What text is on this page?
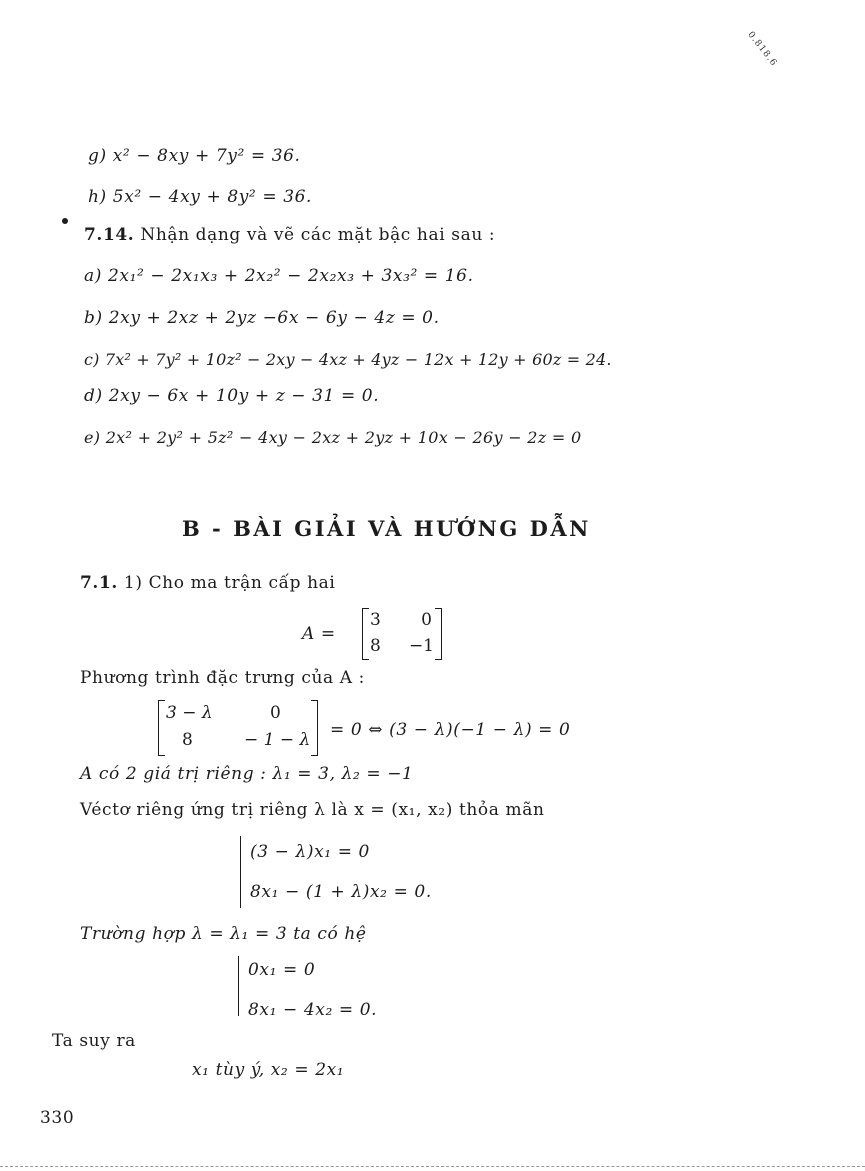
0.818.6
g) x² − 8xy + 7y² = 36.
h) 5x² − 4xy + 8y² = 36.
7.14. Nhận dạng và vẽ các mặt bậc hai sau :
a) 2x₁² − 2x₁x₃ + 2x₂² − 2x₂x₃ + 3x₃² = 16.
b) 2xy + 2xz + 2yz −6x − 6y − 4z = 0.
c) 7x² + 7y² + 10z² − 2xy − 4xz + 4yz − 12x + 12y + 60z = 24.
d) 2xy − 6x + 10y + z − 31 = 0.
e) 2x² + 2y² + 5z² − 4xy − 2xz + 2yz + 10x − 26y − 2z = 0
B - BÀI GIẢI VÀ HƯỚNG DẪN
7.1. 1) Cho ma trận cấp hai
A =
3 0
8 −1
Phương trình đặc trưng của A :
3 − λ	0
8	− 1 − λ = 0 ⇔ (3 − λ)(−1 − λ) = 0
A có 2 giá trị riêng : λ₁ = 3, λ₂ = −1
Véctơ riêng ứng trị riêng λ là x = (x₁, x₂) thỏa mãn
(3 − λ)x₁ = 0
8x₁ − (1 + λ)x₂ = 0.
Trường hợp λ = λ₁ = 3 ta có hệ
0x₁ = 0
8x₁ − 4x₂ = 0.
Ta suy ra
x₁ tùy ý, x₂ = 2x₁
330
